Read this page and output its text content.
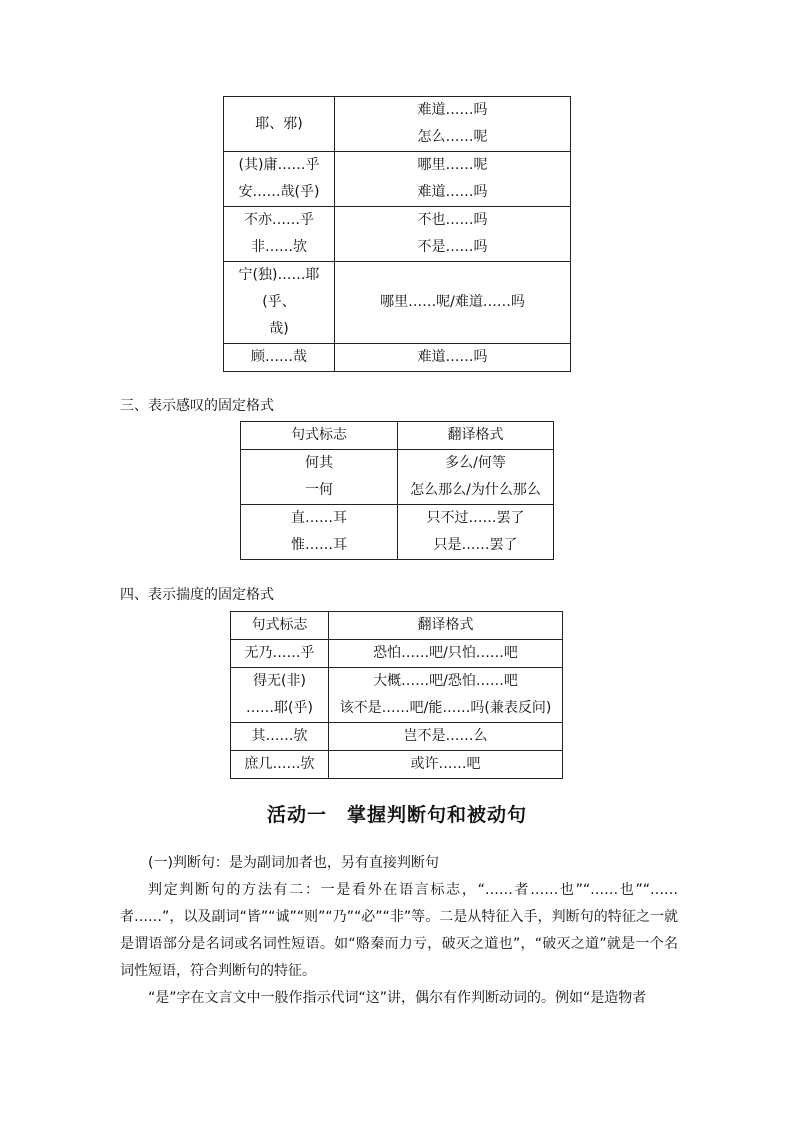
耶、邪)	难道……吗
怎么……呢

(其)庸……乎
安……哉(乎)	哪里……呢
难道……吗

不亦……乎
非……欤	不也……吗
不是……吗

宁(独)……耶(乎、
哉)	哪里……呢/难道……吗

顾……哉	难道……吗
三、表示感叹的固定格式
句式标志	翻译格式

何其
一何	多么/何等
怎么那么/为什么那么

直……耳
惟……耳	只不过……罢了
只是……罢了
四、表示揣度的固定格式
句式标志	翻译格式

无乃……乎	恐怕……吧/只怕……吧

得无(非)
……耶(乎)	大概……吧/恐怕……吧
该不是……吧/能……吗(兼表反问)

其……欤	岂不是……么

庶几……欤	或许……吧
活动一　掌握判断句和被动句
(一)判断句：是为副词加者也，另有直接判断句
判定判断句的方法有二：一是看外在语言标志，“……者……也”“……也”“……者……”，以及副词“皆”“诚”“则”“乃”“必”“非”等。二是从特征入手，判断句的特征之一就是谓语部分是名词或名词性短语。如“赂秦而力亏，破灭之道也”，“破灭之道”就是一个名词性短语，符合判断句的特征。
“是”字在文言文中一般作指示代词“这”讲，偶尔有作判断动词的。例如“是造物者
